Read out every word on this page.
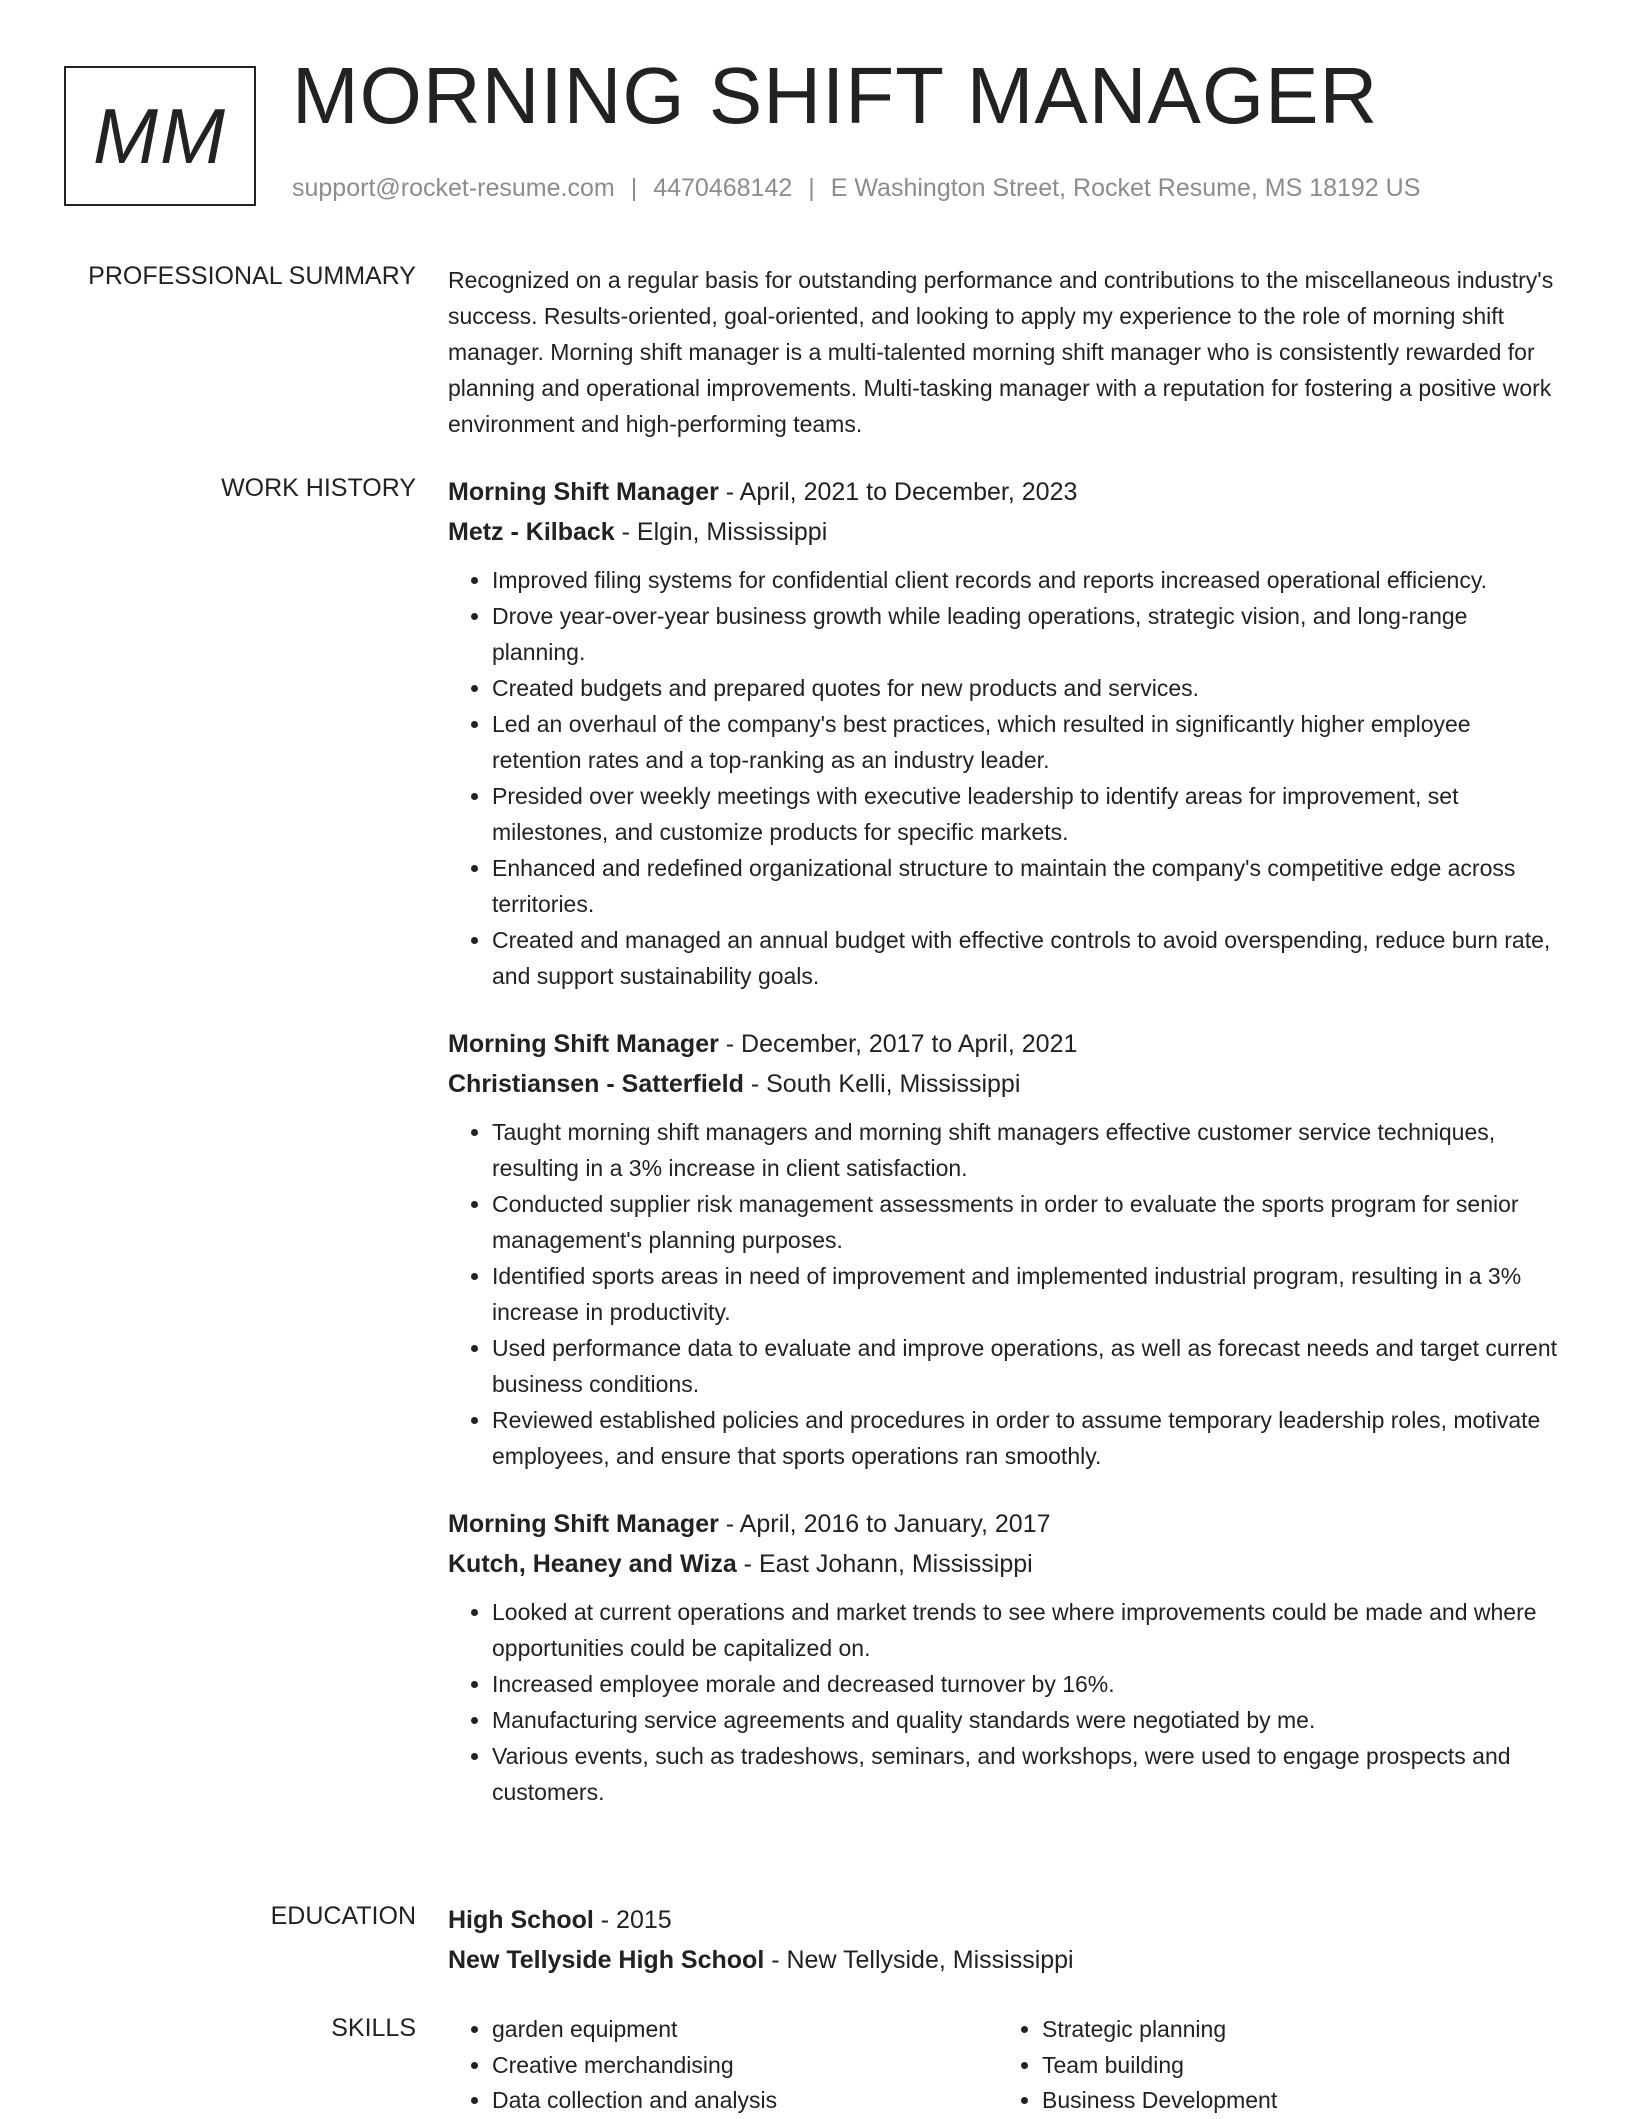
MM MORNING SHIFT MANAGER
support@rocket-resume.com | 4470468142 | E Washington Street, Rocket Resume, MS 18192 US
PROFESSIONAL SUMMARY Recognized on a regular basis for outstanding performance and contributions to the miscellaneous industry's success. Results-oriented, goal-oriented, and looking to apply my experience to the role of morning shift manager. Morning shift manager is a multi-talented morning shift manager who is consistently rewarded for planning and operational improvements. Multi-tasking manager with a reputation for fostering a positive work environment and high-performing teams.
WORK HISTORY Morning Shift Manager - April, 2021 to December, 2023
Metz - Kilback - Elgin, Mississippi
• Improved filing systems for confidential client records and reports increased operational efficiency.
• Drove year-over-year business growth while leading operations, strategic vision, and long-range planning.
• Created budgets and prepared quotes for new products and services.
• Led an overhaul of the company's best practices, which resulted in significantly higher employee retention rates and a top-ranking as an industry leader.
• Presided over weekly meetings with executive leadership to identify areas for improvement, set milestones, and customize products for specific markets.
• Enhanced and redefined organizational structure to maintain the company's competitive edge across territories.
• Created and managed an annual budget with effective controls to avoid overspending, reduce burn rate, and support sustainability goals.
Morning Shift Manager - December, 2017 to April, 2021
Christiansen - Satterfield - South Kelli, Mississippi
• Taught morning shift managers and morning shift managers effective customer service techniques, resulting in a 3% increase in client satisfaction.
• Conducted supplier risk management assessments in order to evaluate the sports program for senior management's planning purposes.
• Identified sports areas in need of improvement and implemented industrial program, resulting in a 3% increase in productivity.
• Used performance data to evaluate and improve operations, as well as forecast needs and target current business conditions.
• Reviewed established policies and procedures in order to assume temporary leadership roles, motivate employees, and ensure that sports operations ran smoothly.
Morning Shift Manager - April, 2016 to January, 2017
Kutch, Heaney and Wiza - East Johann, Mississippi
• Looked at current operations and market trends to see where improvements could be made and where opportunities could be capitalized on.
• Increased employee morale and decreased turnover by 16%.
• Manufacturing service agreements and quality standards were negotiated by me.
• Various events, such as tradeshows, seminars, and workshops, were used to engage prospects and customers.
EDUCATION High School - 2015
New Tellyside High School - New Tellyside, Mississippi
SKILLS
•	garden equipment
• Creative merchandising
• Data collection and analysis
• Strategic planning
• Team building
• Business Development
